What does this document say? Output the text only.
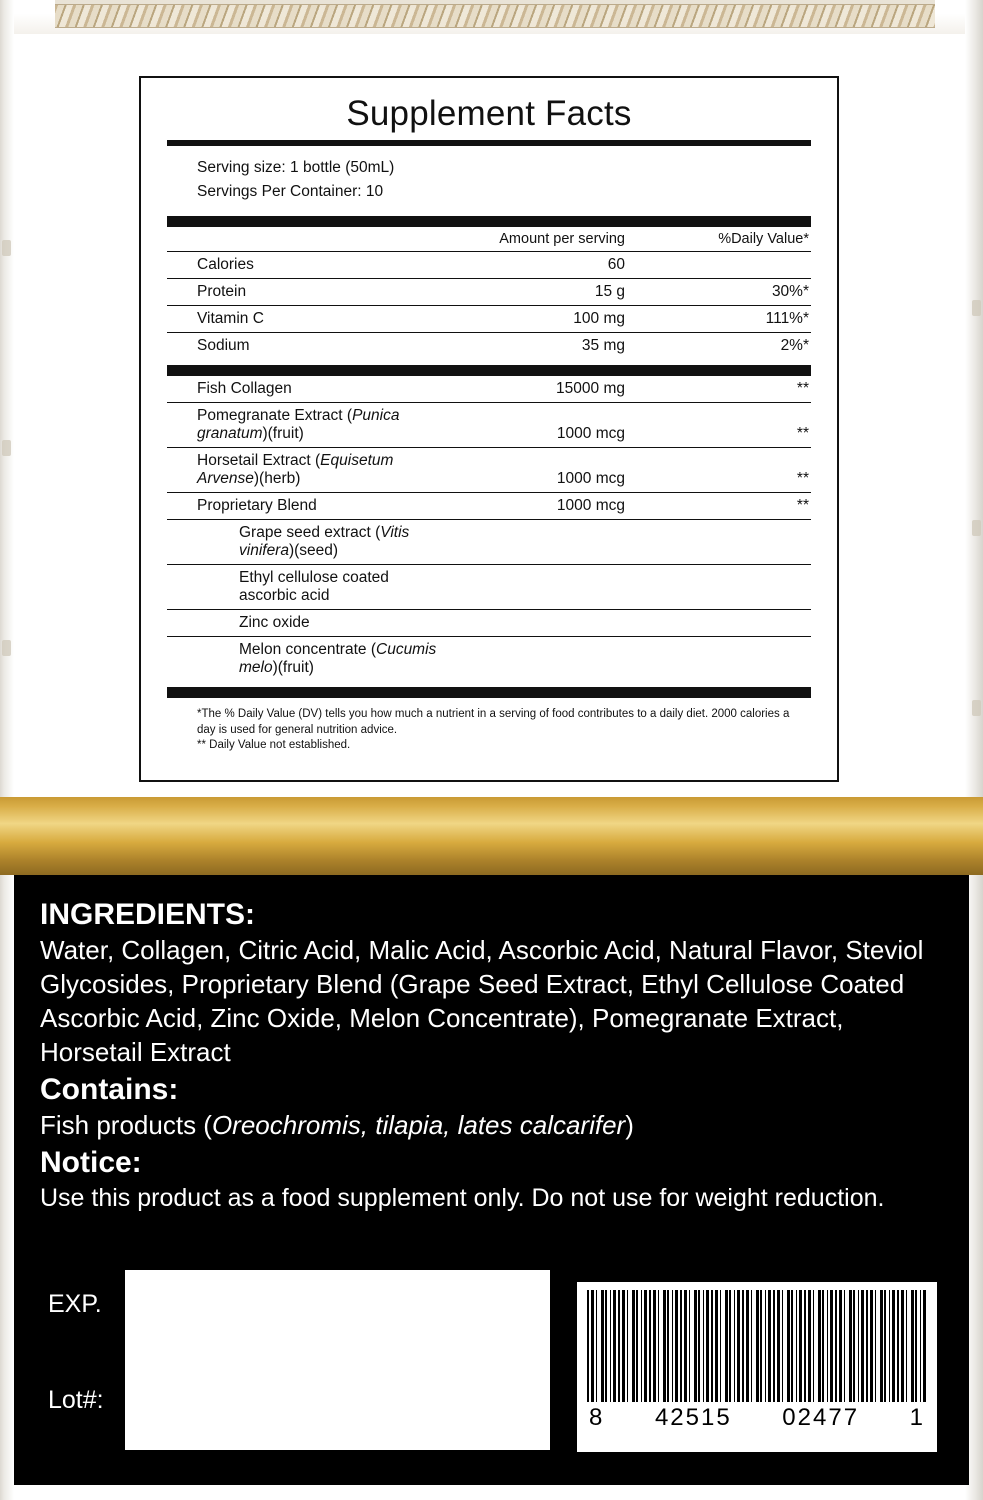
Supplement Facts
Serving size: 1 bottle (50mL)
Servings Per Container: 10
	Amount per serving	%Daily Value*
Calories	60	
Protein	15 g	30%*
Vitamin C	100 mg	111%*
Sodium	35 mg	2%*
Fish Collagen	15000 mg	**
Pomegranate Extract (Punica granatum)(fruit)	1000 mcg	**
Horsetail Extract (Equisetum Arvense)(herb)	1000 mcg	**
Proprietary Blend	1000 mcg	**
Grape seed extract (Vitis vinifera)(seed)		
Ethyl cellulose coated ascorbic acid		
Zinc oxide		
Melon concentrate (Cucumis melo)(fruit)		
*The % Daily Value (DV) tells you how much a nutrient in a serving of food contributes to a daily diet. 2000 calories a day is used for general nutrition advice.
** Daily Value not established.
INGREDIENTS:
Water, Collagen, Citric Acid, Malic Acid, Ascorbic Acid, Natural Flavor, Steviol Glycosides, Proprietary Blend (Grape Seed Extract, Ethyl Cellulose Coated Ascorbic Acid, Zinc Oxide, Melon Concentrate), Pomegranate Extract, Horsetail Extract
Contains:
Fish products (Oreochromis, tilapia, lates calcarifer)
Notice:
Use this product as a food supplement only. Do not use for weight reduction.
EXP.
Lot#:
8 42515 02477 1
